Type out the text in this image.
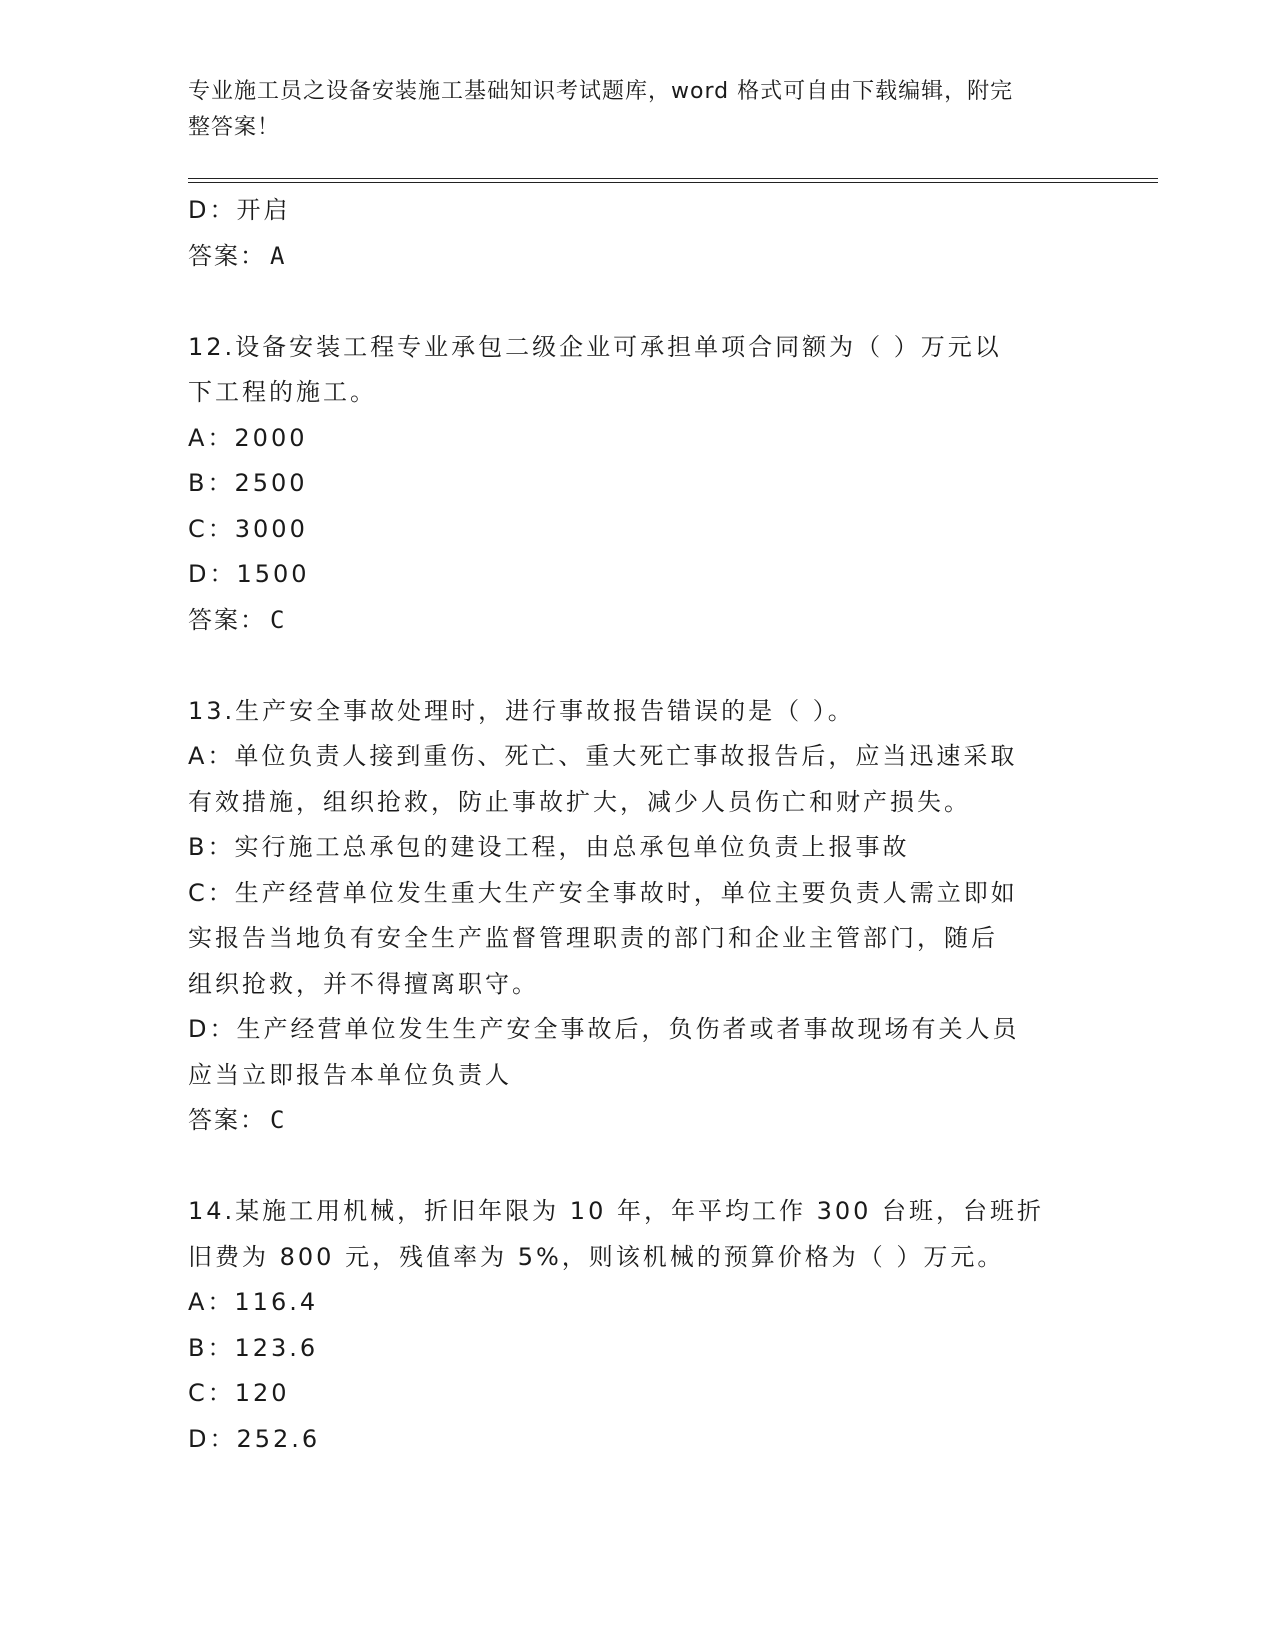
专业施工员之设备安装施工基础知识考试题库，word 格式可自由下载编辑，附完
整答案！
D：开启
答案： A
12.设备安装工程专业承包二级企业可承担单项合同额为（ ）万元以
下工程的施工。
A：2000
B：2500
C：3000
D：1500
答案： C
13.生产安全事故处理时，进行事故报告错误的是（ ）。
A：单位负责人接到重伤、死亡、重大死亡事故报告后，应当迅速采取
有效措施，组织抢救，防止事故扩大，减少人员伤亡和财产损失。
B：实行施工总承包的建设工程，由总承包单位负责上报事故
C：生产经营单位发生重大生产安全事故时，单位主要负责人需立即如
实报告当地负有安全生产监督管理职责的部门和企业主管部门，随后
组织抢救，并不得擅离职守。
D：生产经营单位发生生产安全事故后，负伤者或者事故现场有关人员
应当立即报告本单位负责人
答案： C
14.某施工用机械，折旧年限为 10 年，年平均工作 300 台班，台班折
旧费为 800 元，残值率为 5%，则该机械的预算价格为（ ）万元。
A：116.4
B：123.6
C：120
D：252.6
